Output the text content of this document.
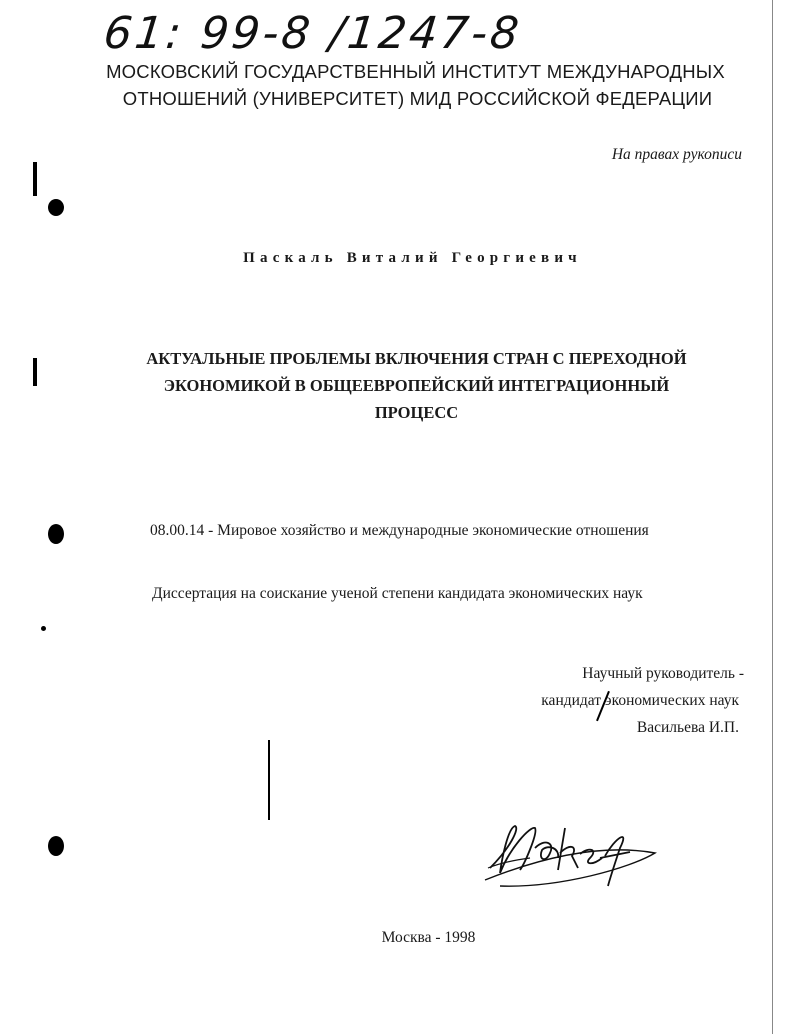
61: 99-8 /1247-8
МОСКОВСКИЙ ГОСУДАРСТВЕННЫЙ ИНСТИТУТ МЕЖДУНАРОДНЫХ
ОТНОШЕНИЙ (УНИВЕРСИТЕТ) МИД РОССИЙСКОЙ ФЕДЕРАЦИИ
На правах рукописи
Паскаль Виталий Георгиевич
АКТУАЛЬНЫЕ ПРОБЛЕМЫ ВКЛЮЧЕНИЯ СТРАН С ПЕРЕХОДНОЙ
ЭКОНОМИКОЙ В ОБЩЕЕВРОПЕЙСКИЙ ИНТЕГРАЦИОННЫЙ
ПРОЦЕСС
08.00.14 - Мировое хозяйство и международные экономические отношения
Диссертация на соискание ученой степени кандидата экономических наук
Научный руководитель -
кандидат экономических наук
Васильева И.П.
Москва - 1998
